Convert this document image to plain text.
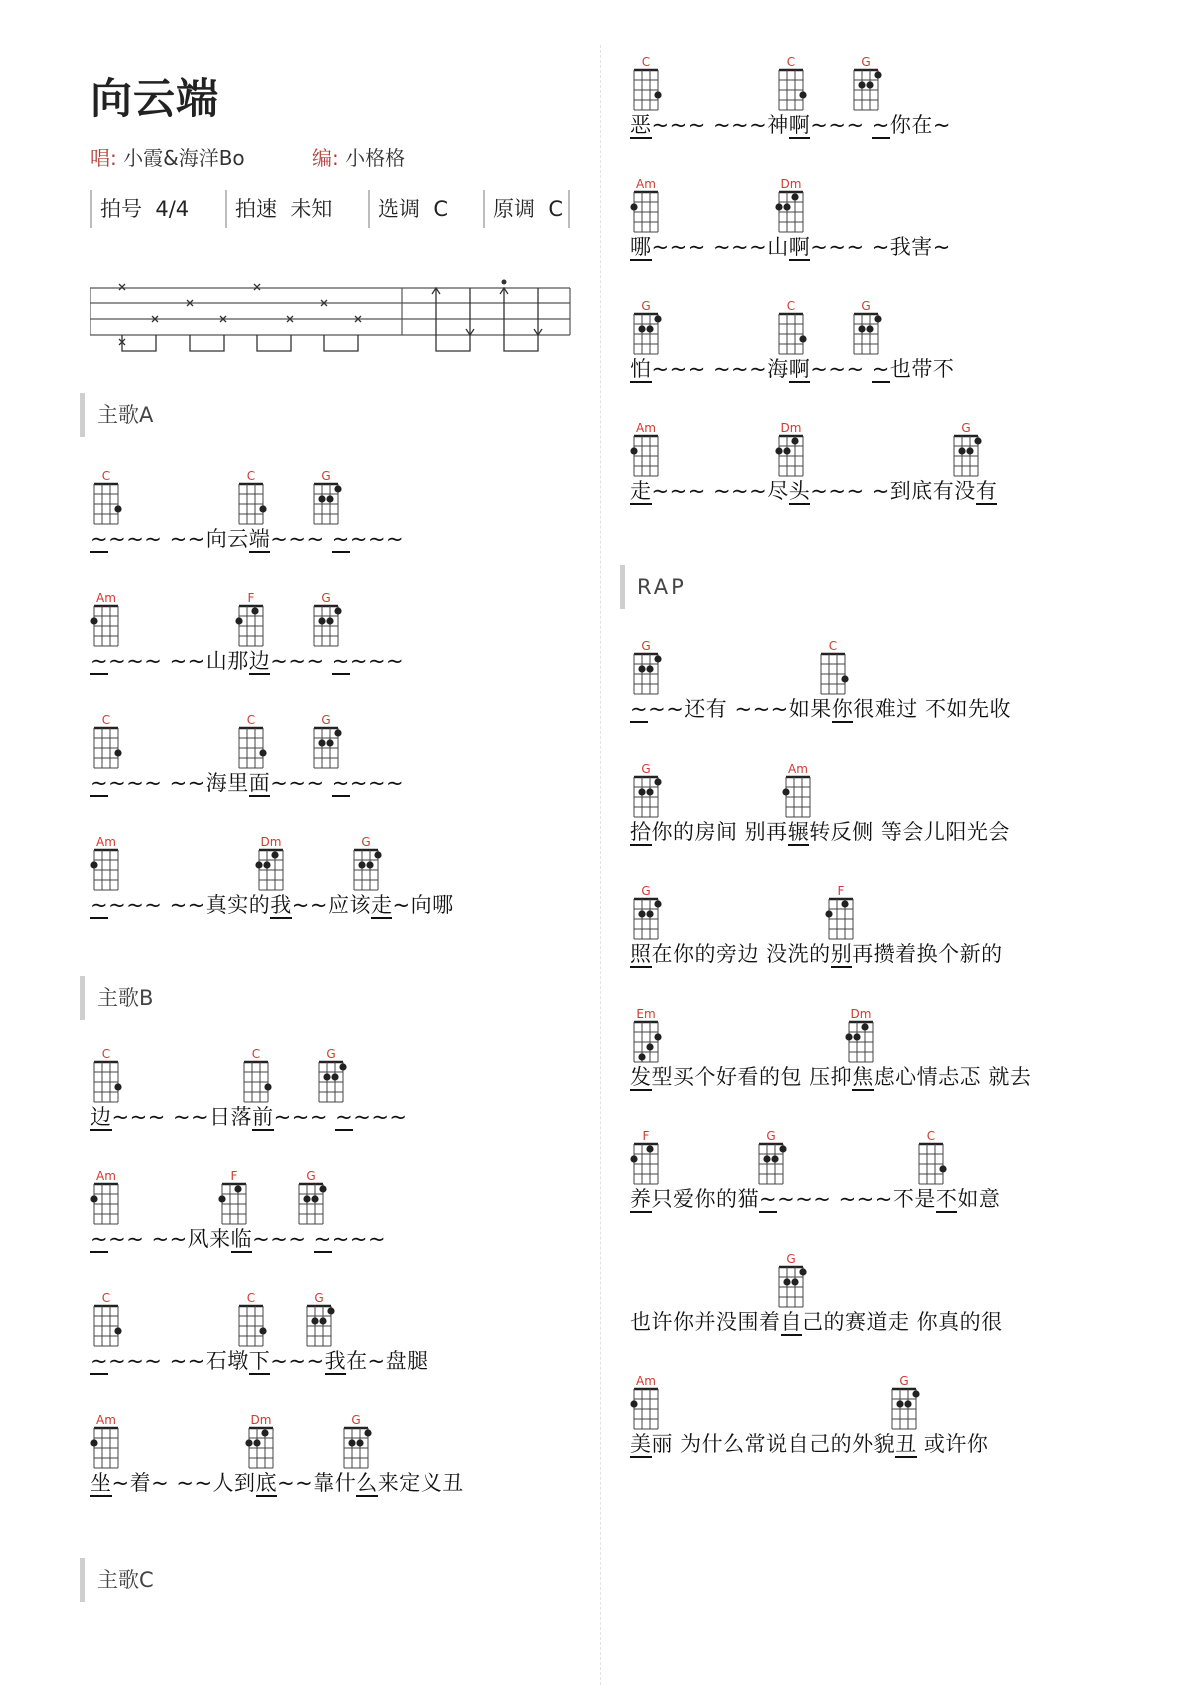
向云端
唱: 小霞&海洋Bo	编: 小格格
拍号 4/4	拍速 未知	选调 C	原调 C
主歌A
主歌B
主歌C
RAP
C	C	G
~~~~ ~~向云端~~~ ~~~~
Am	F	G
~~~~ ~~山那边~~~ ~~~~
C	C	G
~~~~ ~~海里面~~~ ~~~~
Am	Dm	G
~~~~ ~~真实的我~~应该走~向哪
C	C	G
边~~~ ~~日落前~~~ ~~~~
Am	F	G
~~~ ~~风来临~~~ ~~~~
C	C	G
~~~~ ~~石墩下~~~我在~盘腿
Am	Dm	G
坐~着~ ~~人到底~~靠什么来定义丑
C	C	G
恶~~~ ~~~神啊~~~ ~你在~
Am	Dm
哪~~~ ~~~山啊~~~ ~我害~
G	C	G
怕~~~ ~~~海啊~~~ ~也带不
Am	Dm	G
走~~~ ~~~尽头~~~ ~到底有没有
G	C
~~~还有 ~~~如果你很难过 不如先收
G	Am
拾你的房间 别再辗转反侧 等会儿阳光会
G	F
照在你的旁边 没洗的别再攒着换个新的
Em	Dm
发型买个好看的包 压抑焦虑心情忐忑 就去
F	G	C
养只爱你的猫~~~~ ~~~不是不如意
G
也许你并没围着自己的赛道走 你真的很
Am	G
美丽 为什么常说自己的外貌丑 或许你
